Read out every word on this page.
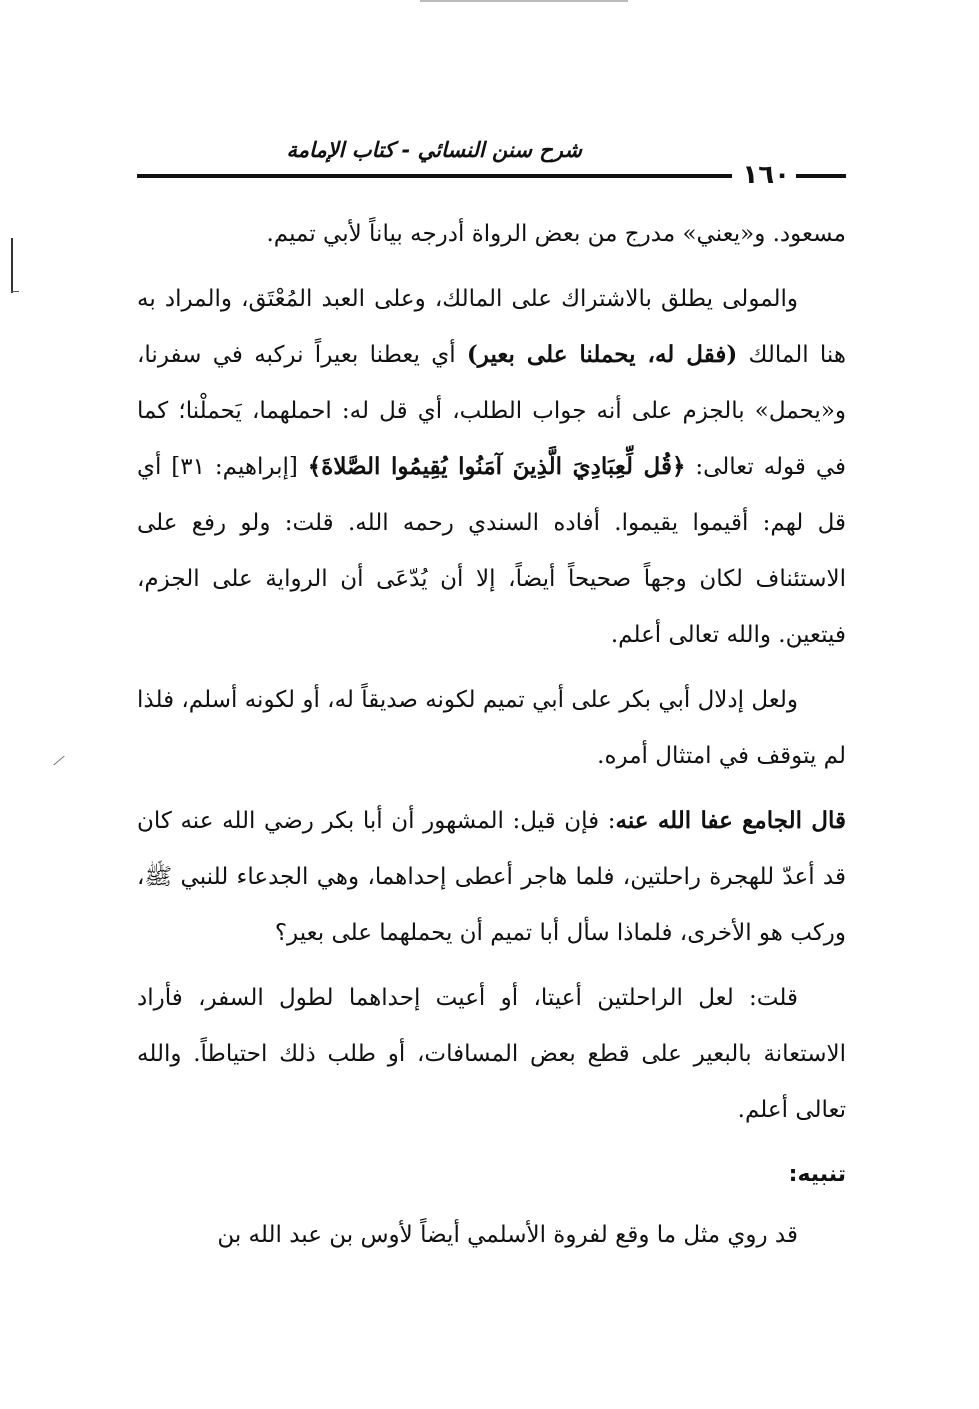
شرح سنن النسائي - كتاب الإمامة
١٦٠

مسعود. و«يعني» مدرج من بعض الرواة أدرجه بياناً لأبي تميم.

والمولى يطلق بالاشتراك على المالك، وعلى العبد المُعْتَق، والمراد به هنا المالك (فقل له، يحملنا على بعير) أي يعطنا بعيراً نركبه في سفرنا، و«يحمل» بالجزم على أنه جواب الطلب، أي قل له: احملهما، يَحملْنا؛ كما في قوله تعالى: ﴿قُل لِّعِبَادِيَ الَّذِينَ آمَنُوا يُقِيمُوا الصَّلاةَ﴾ [إبراهيم: ٣١] أي قل لهم: أقيموا يقيموا. أفاده السندي رحمه الله. قلت: ولو رفع على الاستئناف لكان وجهاً صحيحاً أيضاً، إلا أن يُدّعَى أن الرواية على الجزم، فيتعين. والله تعالى أعلم.

ولعل إدلال أبي بكر على أبي تميم لكونه صديقاً له، أو لكونه أسلم، فلذا لم يتوقف في امتثال أمره.

قال الجامع عفا الله عنه: فإن قيل: المشهور أن أبا بكر رضي الله عنه كان قد أعدّ للهجرة راحلتين، فلما هاجر أعطى إحداهما، وهي الجدعاء للنبي ﷺ، وركب هو الأخرى، فلماذا سأل أبا تميم أن يحملهما على بعير؟

قلت: لعل الراحلتين أعيتا، أو أعيت إحداهما لطول السفر، فأراد الاستعانة بالبعير على قطع بعض المسافات، أو طلب ذلك احتياطاً. والله تعالى أعلم.

تنبيه:

قد روي مثل ما وقع لفروة الأسلمي أيضاً لأوس بن عبد الله بن
